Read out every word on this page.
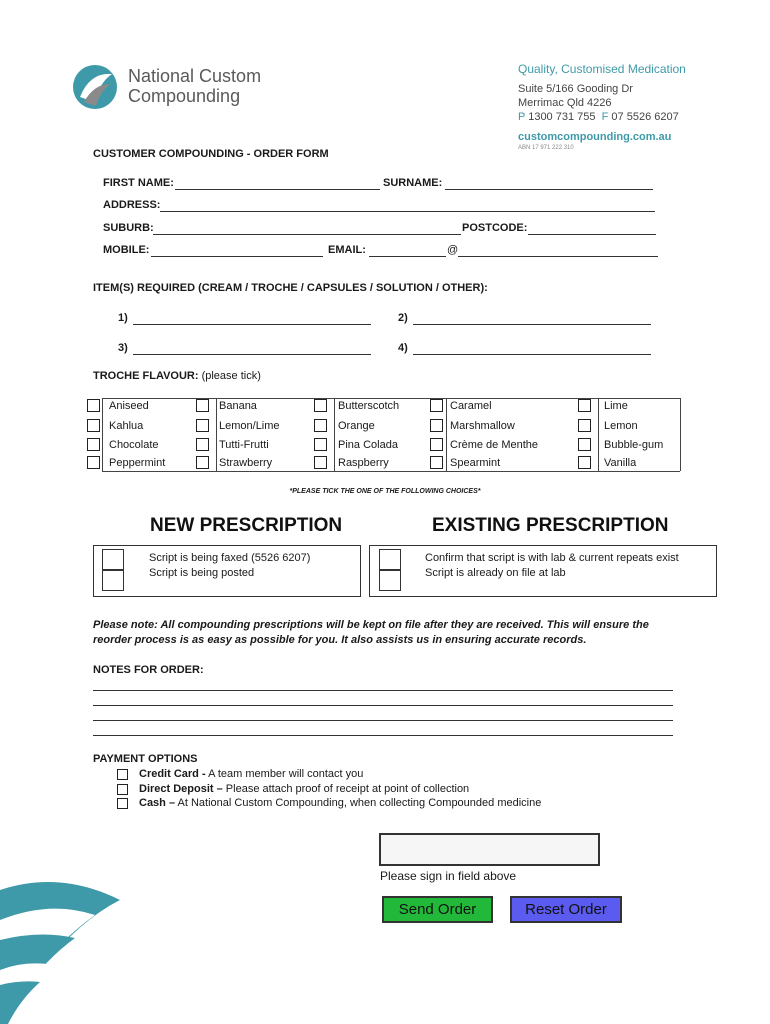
National Custom
Compounding
Quality, Customised Medication
Suite 5/166 Gooding Dr
Merrimac Qld 4226
P 1300 731 755 F 07 5526 6207
customcompounding.com.au
ABN 17 971 222 310
CUSTOMER COMPOUNDING - ORDER FORM
FIRST NAME:	SURNAME:
ADDRESS:
SUBURB:	POSTCODE:
MOBILE:	EMAIL:	@
ITEM(S) REQUIRED (CREAM / TROCHE / CAPSULES / SOLUTION / OTHER):
1)	2)
3)	4)
TROCHE FLAVOUR: (please tick)
Aniseed	Banana	Butterscotch	Caramel	Lime
Kahlua	Lemon/Lime	Orange	Marshmallow	Lemon
Chocolate	Tutti-Frutti	Pina Colada	Crème de Menthe	Bubble-gum
Peppermint	Strawberry	Raspberry	Spearmint	Vanilla
*PLEASE TICK THE ONE OF THE FOLLOWING CHOICES*
NEW PRESCRIPTION	EXISTING PRESCRIPTION
Script is being faxed (5526 6207)
Script is being posted
Confirm that script is with lab & current repeats exist
Script is already on file at lab
Please note: All compounding prescriptions will be kept on file after they are received. This will ensure the
reorder process is as easy as possible for you. It also assists us in ensuring accurate records.
NOTES FOR ORDER:
PAYMENT OPTIONS
Credit Card - A team member will contact you
Direct Deposit – Please attach proof of receipt at point of collection
Cash – At National Custom Compounding, when collecting Compounded medicine
Please sign in field above
Send Order	Reset Order
